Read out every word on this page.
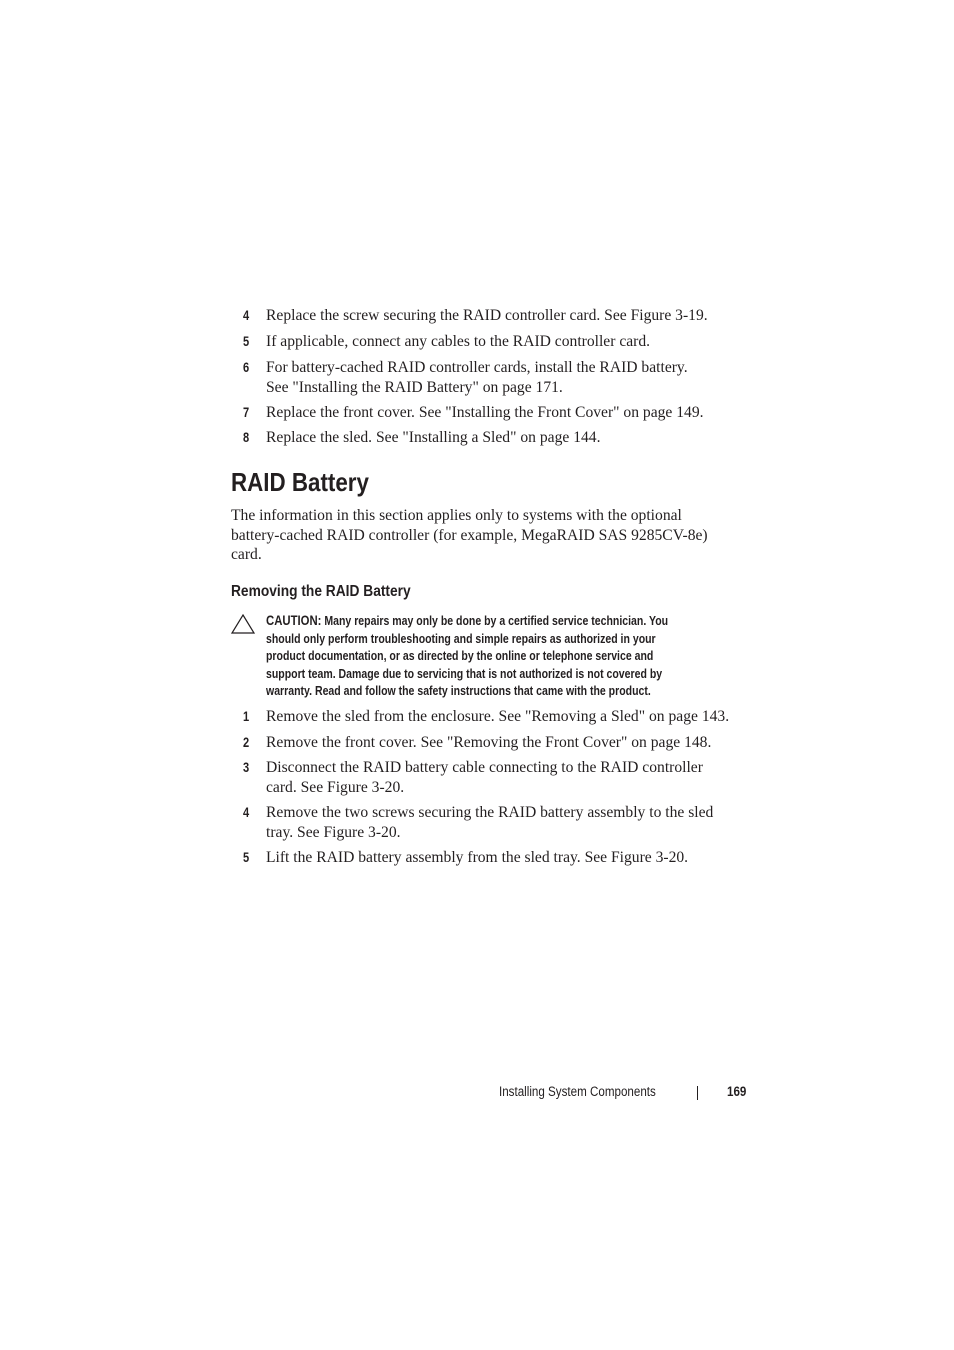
4 Replace the screw securing the RAID controller card. See Figure 3-19.
5 If applicable, connect any cables to the RAID controller card.
6 For battery-cached RAID controller cards, install the RAID battery.
See "Installing the RAID Battery" on page 171.
7 Replace the front cover. See "Installing the Front Cover" on page 149.
8 Replace the sled. See "Installing a Sled" on page 144.
RAID Battery
The information in this section applies only to systems with the optional
battery-cached RAID controller (for example, MegaRAID SAS 9285CV-8e)
card.
Removing the RAID Battery
CAUTION: Many repairs may only be done by a certified service technician. You
should only perform troubleshooting and simple repairs as authorized in your
product documentation, or as directed by the online or telephone service and
support team. Damage due to servicing that is not authorized is not covered by
warranty. Read and follow the safety instructions that came with the product.
1 Remove the sled from the enclosure. See "Removing a Sled" on page 143.
2 Remove the front cover. See "Removing the Front Cover" on page 148.
3 Disconnect the RAID battery cable connecting to the RAID controller
card. See Figure 3-20.
4 Remove the two screws securing the RAID battery assembly to the sled
tray. See Figure 3-20.
5 Lift the RAID battery assembly from the sled tray. See Figure 3-20.
Installing System Components	169
